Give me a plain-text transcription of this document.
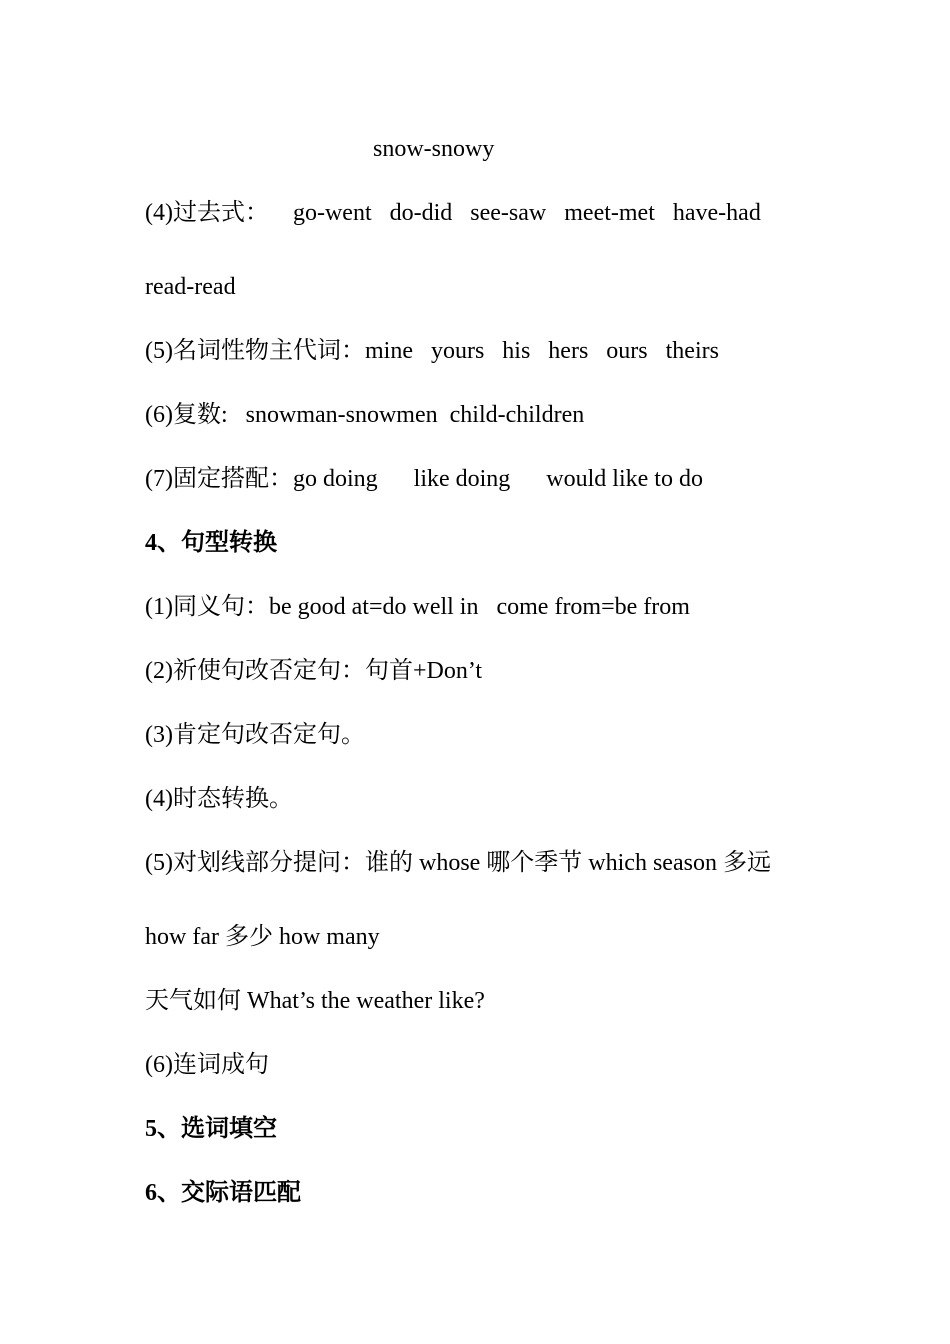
snow-snowy
(4)过去式：    go-went   do-did   see-saw   meet-met   have-had
read-read
(5)名词性物主代词：mine   yours   his   hers   ours   theirs
(6)复数:   snowman-snowmen  child-children
(7)固定搭配：go doing      like doing      would like to do
4、句型转换
(1)同义句：be good at=do well in   come from=be from
(2)祈使句改否定句：句首+Don’t
(3)肯定句改否定句。
(4)时态转换。
(5)对划线部分提问：谁的 whose 哪个季节 which season 多远
how far 多少 how many
天气如何 What’s the weather like?
(6)连词成句
5、选词填空
6、交际语匹配
